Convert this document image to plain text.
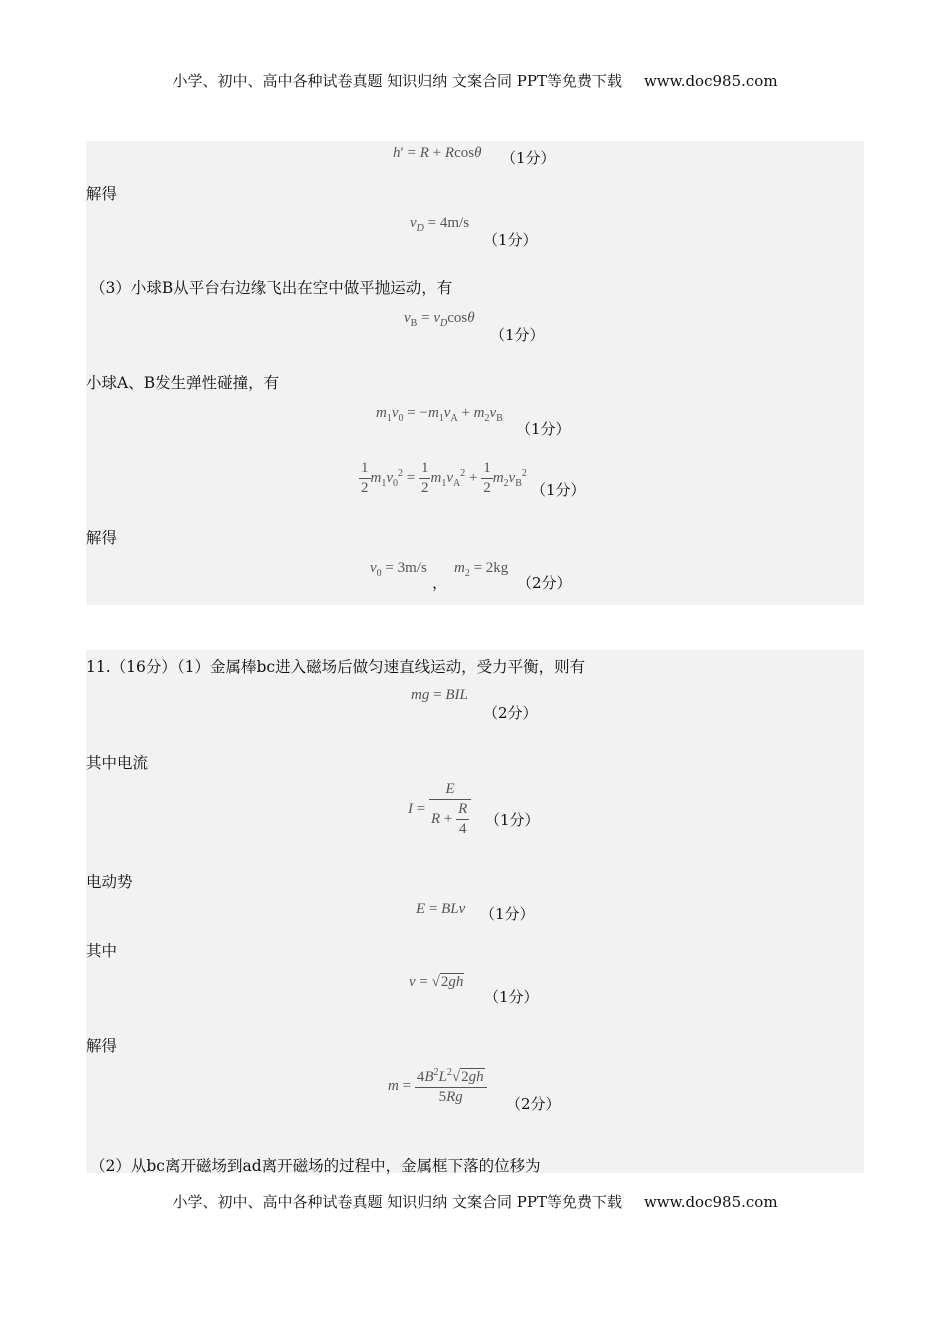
小学、初中、高中各种试卷真题 知识归纳 文案合同 PPT等免费下载 www.doc985.com
h′ = R + Rcosθ （1分）
解得
$v_D = 4m/s$
（1分）
（3）小球B从平台右边缘飞出在空中做平抛运动，有
$v_B = v_D\cos\theta$
（1分）
小球A、B发生弹性碰撞，有
$m_1v_0 = -m_1v_A + m_2v_B$
（1分）
$\frac{1}{2} m_1v_0^2 = \frac{1}{2} m_1v_A^2 + \frac{1}{2} m_2v_B^2$
（1分）
解得
$v_0 = 3m/s$
，
$m_2 = 2kg$
（2分）
11.（16分）（1）金属棒bc进入磁场后做匀速直线运动，受力平衡，则有
mg = BIL
（2分）
其中电流
$I = \frac{E}{R + \frac{R}{4}} (1$分）
电动势
E = BLv （1分）
其中
v = √2gh
（1分）
解得
$m = \frac{4B^2L^2√2gh}{5Rg} (2$分）
（2）从bc离开磁场到ad离开磁场的过程中，金属框下落的位移为
小学、初中、高中各种试卷真题 知识归纳 文案合同 PPT等免费下载 www.doc985.com
